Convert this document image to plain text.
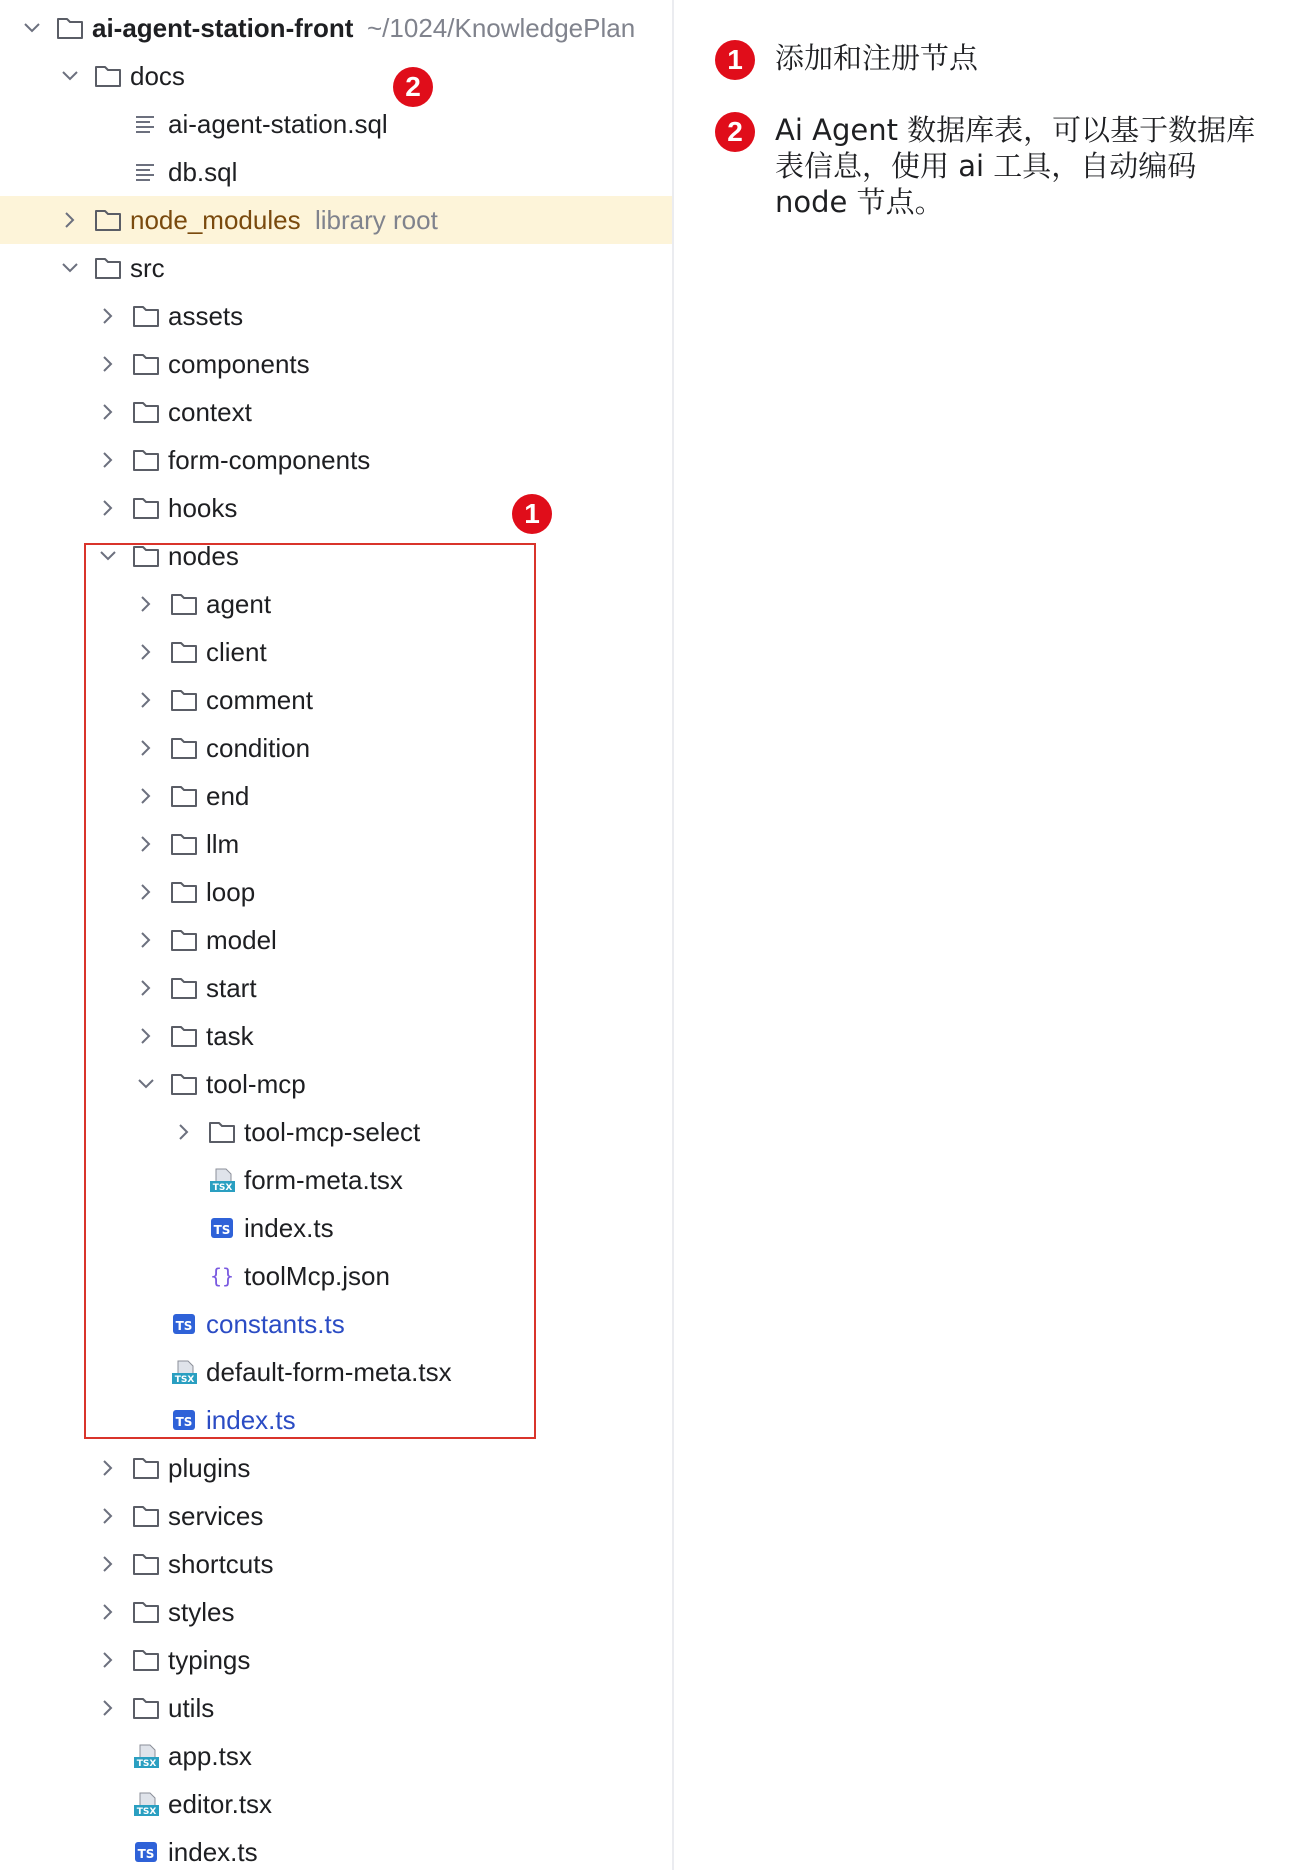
ai-agent-station-front ~/1024/KnowledgePlan
docs
ai-agent-station.sql
db.sql
node_modules library root
src
assets
components
context
form-components
hooks
nodes
agent
client
comment
condition
end
llm
loop
model
start
task
tool-mcp
tool-mcp-select
TSX form-meta.tsx
TS index.ts
{} toolMcp.json
TS constants.ts
TSX default-form-meta.tsx
TS index.ts
plugins
services
shortcuts
styles
typings
utils
TSX app.tsx
TSX editor.tsx
TS index.ts
2
1
1	添加和注册节点
2	Ai Agent 数据库表，可以基于数据库表信息，使用 ai 工具，自动编码 node 节点。
